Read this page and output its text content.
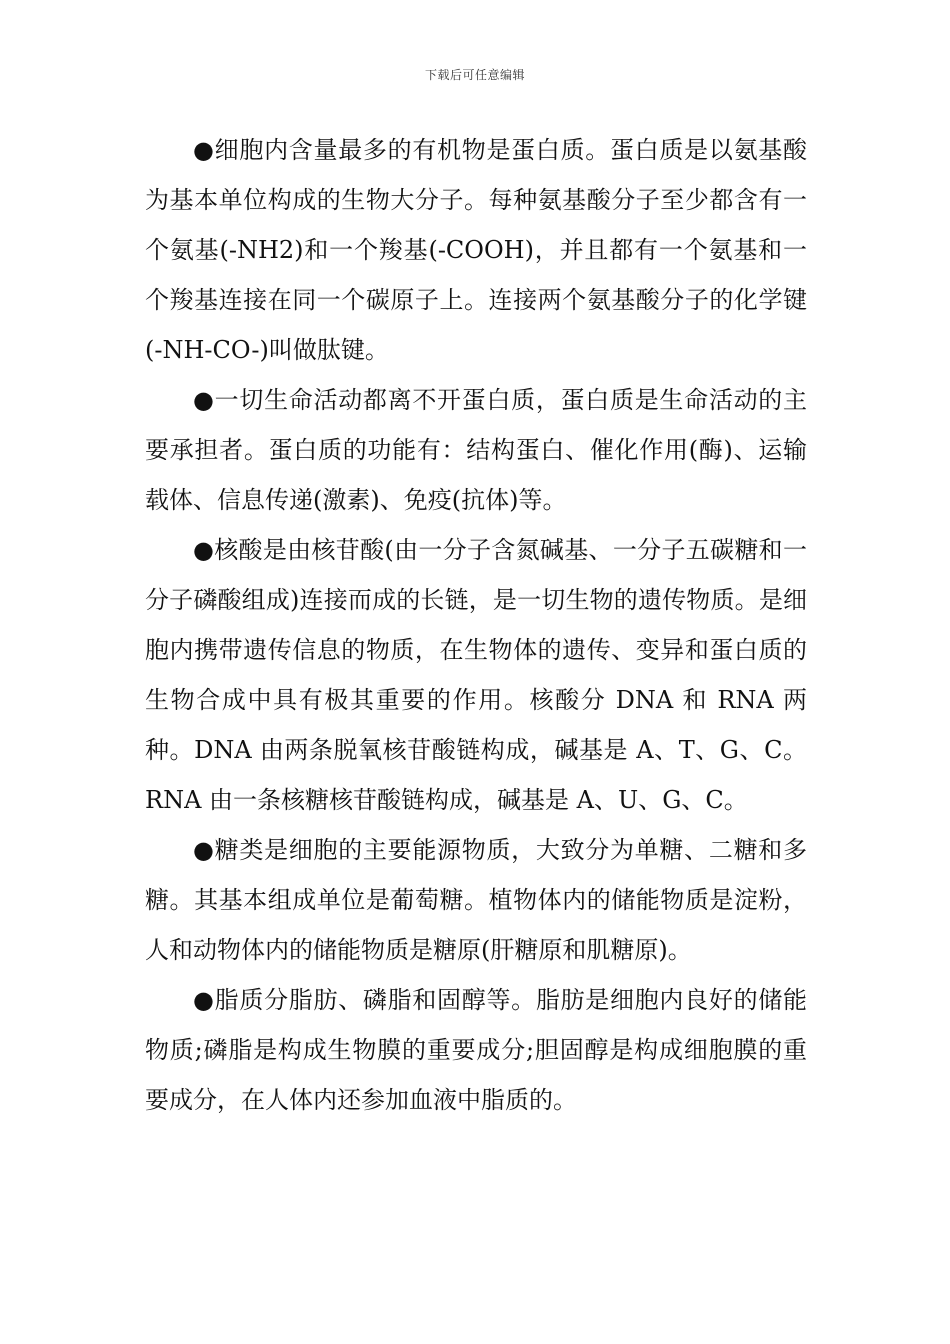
下载后可任意编辑

●细胞内含量最多的有机物是蛋白质。蛋白质是以氨基酸为基本单位构成的生物大分子。每种氨基酸分子至少都含有一个氨基(-NH2)和一个羧基(-COOH)，并且都有一个氨基和一个羧基连接在同一个碳原子上。连接两个氨基酸分子的化学键(-NH-CO-)叫做肽键。

●一切生命活动都离不开蛋白质，蛋白质是生命活动的主要承担者。蛋白质的功能有：结构蛋白、催化作用(酶)、运输载体、信息传递(激素)、免疫(抗体)等。

●核酸是由核苷酸(由一分子含氮碱基、一分子五碳糖和一分子磷酸组成)连接而成的长链，是一切生物的遗传物质。是细胞内携带遗传信息的物质，在生物体的遗传、变异和蛋白质的生物合成中具有极其重要的作用。核酸分 DNA 和 RNA 两种。DNA 由两条脱氧核苷酸链构成，碱基是 A、T、G、C。RNA 由一条核糖核苷酸链构成，碱基是 A、U、G、C。

●糖类是细胞的主要能源物质，大致分为单糖、二糖和多糖。其基本组成单位是葡萄糖。植物体内的储能物质是淀粉，人和动物体内的储能物质是糖原(肝糖原和肌糖原)。

●脂质分脂肪、磷脂和固醇等。脂肪是细胞内良好的储能物质;磷脂是构成生物膜的重要成分;胆固醇是构成细胞膜的重要成分，在人体内还参加血液中脂质的。
